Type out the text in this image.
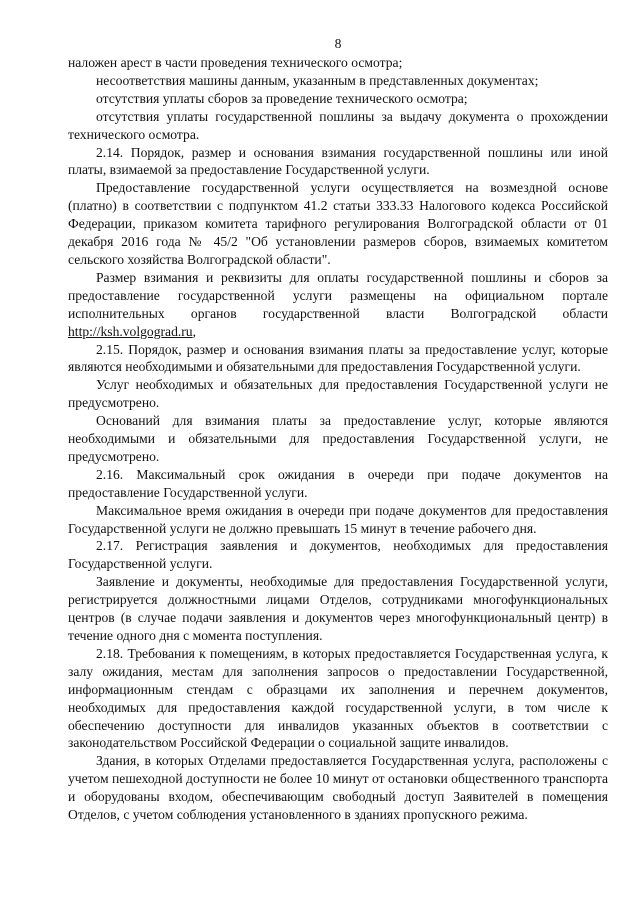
8

наложен арест в части проведения технического осмотра;

несоответствия машины данным, указанным в представленных документах;

отсутствия уплаты сборов за проведение технического осмотра;

отсутствия уплаты государственной пошлины за выдачу документа о прохождении технического осмотра.

2.14. Порядок, размер и основания взимания государственной пошлины или иной платы, взимаемой за предоставление Государственной услуги.

Предоставление государственной услуги осуществляется на возмездной основе (платно) в соответствии с подпунктом 41.2 статьи 333.33 Налогового кодекса Российской Федерации, приказом комитета тарифного регулирования Волгоградской области от 01 декабря 2016 года № 45/2 "Об установлении размеров сборов, взимаемых комитетом сельского хозяйства Волгоградской области".

Размер взимания и реквизиты для оплаты государственной пошлины и сборов за предоставление государственной услуги размещены на официальном портале исполнительных органов государственной власти Волгоградской области http://ksh.volgograd.ru,

2.15. Порядок, размер и основания взимания платы за предоставление услуг, которые являются необходимыми и обязательными для предоставления Государственной услуги.

Услуг необходимых и обязательных для предоставления Государственной услуги не предусмотрено.

Оснований для взимания платы за предоставление услуг, которые являются необходимыми и обязательными для предоставления Государственной услуги, не предусмотрено.

2.16. Максимальный срок ожидания в очереди при подаче документов на предоставление Государственной услуги.

Максимальное время ожидания в очереди при подаче документов для предоставления Государственной услуги не должно превышать 15 минут в течение рабочего дня.

2.17. Регистрация заявления и документов, необходимых для предоставления Государственной услуги.

Заявление и документы, необходимые для предоставления Государственной услуги, регистрируется должностными лицами Отделов, сотрудниками многофункциональных центров (в случае подачи заявления и документов через многофункциональный центр) в течение одного дня с момента поступления.

2.18. Требования к помещениям, в которых предоставляется Государственная услуга, к залу ожидания, местам для заполнения запросов о предоставлении Государственной, информационным стендам с образцами их заполнения и перечнем документов, необходимых для предоставления каждой государственной услуги, в том числе к обеспечению доступности для инвалидов указанных объектов в соответствии с законодательством Российской Федерации о социальной защите инвалидов.

Здания, в которых Отделами предоставляется Государственная услуга, расположены с учетом пешеходной доступности не более 10 минут от остановки общественного транспорта и оборудованы входом, обеспечивающим свободный доступ Заявителей в помещения Отделов, с учетом соблюдения установленного в зданиях пропускного режима.
